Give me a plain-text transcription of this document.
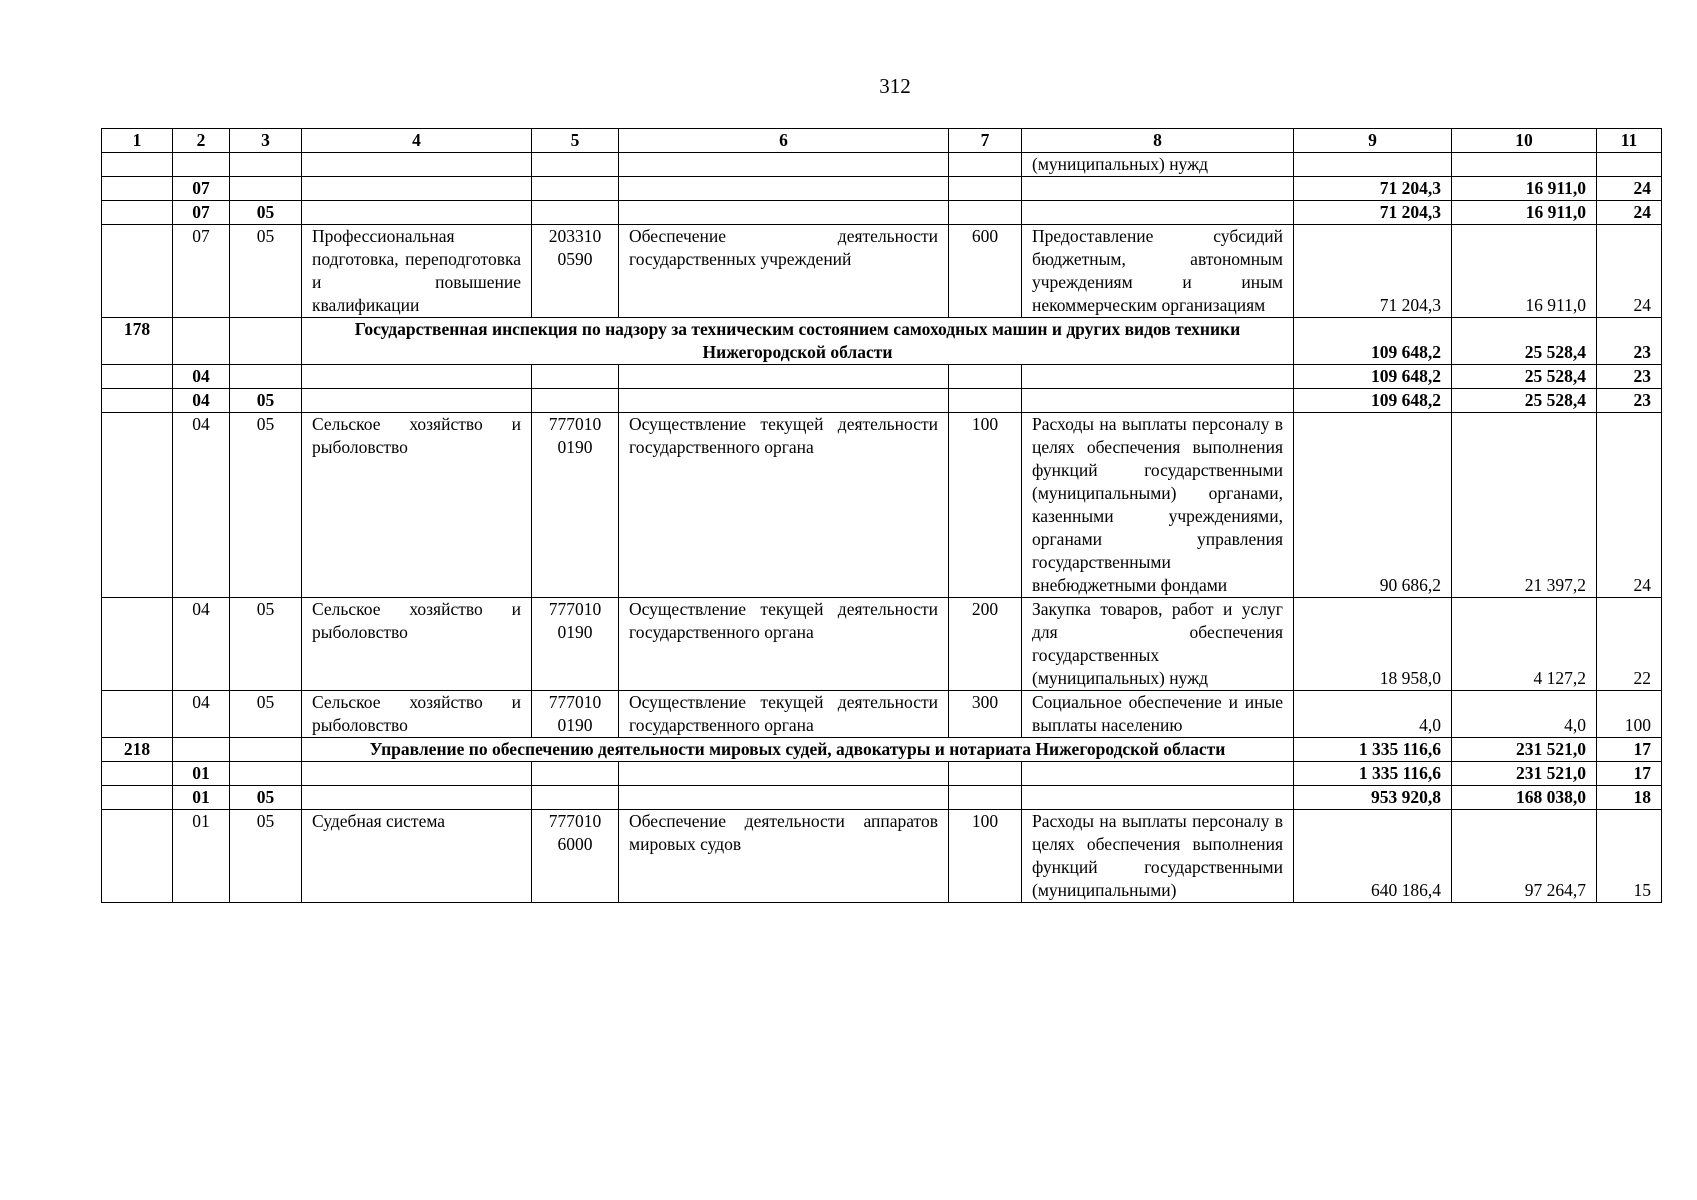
312
1	2	3	4	5	6	7	8	9	10	11
							(муниципальных) нужд			
	07							71 204,3	16 911,0	24
	07	05						71 204,3	16 911,0	24
	07	05	Профессиональная подготовка, переподготовка и повышение квалификации	203310 0590	Обеспечение деятельности государственных учреждений	600	Предоставление субсидий бюджетным, автономным учреждениям и иным некоммерческим организациям	71 204,3	16 911,0	24
178			Государственная инспекция по надзору за техническим состоянием самоходных машин и других видов техники Нижегородской области					109 648,2	25 528,4	23
	04							109 648,2	25 528,4	23
	04	05						109 648,2	25 528,4	23
	04	05	Сельское хозяйство и рыболовство	777010 0190	Осуществление текущей деятельности государственного органа	100	Расходы на выплаты персоналу в целях обеспечения выполнения функций государственными (муниципальными) органами, казенными учреждениями, органами управления государственными внебюджетными фондами	90 686,2	21 397,2	24
	04	05	Сельское хозяйство и рыболовство	777010 0190	Осуществление текущей деятельности государственного органа	200	Закупка товаров, работ и услуг для обеспечения государственных (муниципальных) нужд	18 958,0	4 127,2	22
	04	05	Сельское хозяйство и рыболовство	777010 0190	Осуществление текущей деятельности государственного органа	300	Социальное обеспечение и иные выплаты населению	4,0	4,0	100
218			Управление по обеспечению деятельности мировых судей, адвокатуры и нотариата Нижегородской области					1 335 116,6	231 521,0	17
	01							1 335 116,6	231 521,0	17
	01	05						953 920,8	168 038,0	18
	01	05	Судебная система	777010 6000	Обеспечение деятельности аппаратов мировых судов	100	Расходы на выплаты персоналу в целях обеспечения выполнения функций государственными (муниципальными)	640 186,4	97 264,7	15
